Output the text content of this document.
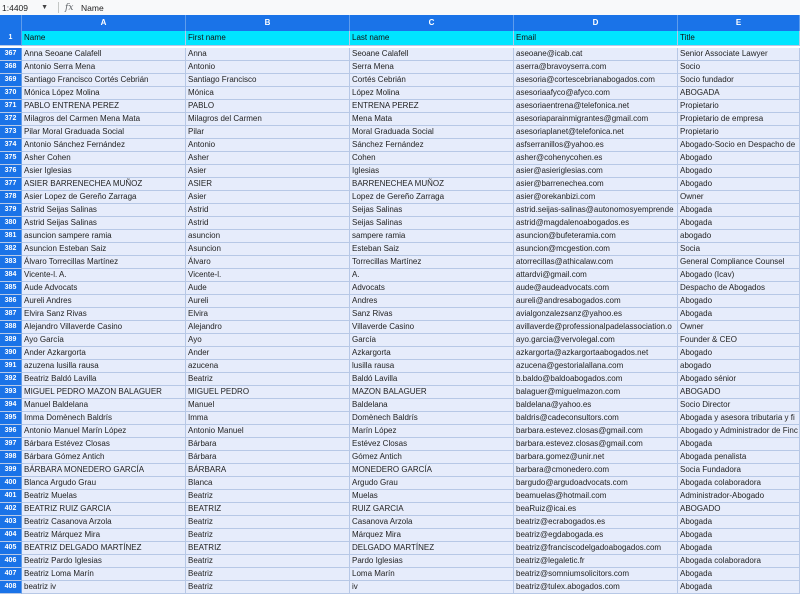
1:4409 ▼ fx Name
A	B	C	D	E
1	Name	First name	Last name	Email	Title
367 Anna Seoane Calafell	Anna	Seoane Calafell	aseoane@icab.cat	Senior Associate Lawyer
368 Antonio Serra Mena	Antonio	Serra Mena	aserra@bravoyserra.com	Socio
369 Santiago Francisco Cortés Cebrián	Santiago Francisco	Cortés Cebrián	asesoria@cortescebrianabogados.com	Socio fundador
370 Mónica López Molina	Mónica	López Molina	asesoriaafyco@afyco.com	ABOGADA
371 PABLO ENTRENA PEREZ	PABLO	ENTRENA PEREZ	asesoriaentrena@telefonica.net	Propietario
372 Milagros del Carmen Mena Mata	Milagros del Carmen	Mena Mata	asesoriaparainmigrantes@gmail.com	Propietario de empresa
373 Pilar Moral Graduada Social	Pilar	Moral Graduada Social	asesoriaplanet@telefonica.net	Propietario
374 Antonio Sánchez Fernández	Antonio	Sánchez Fernández	asfserranillos@yahoo.es	Abogado-Socio en Despacho de
375 Asher Cohen	Asher	Cohen	asher@cohenycohen.es	Abogado
376 Asier Iglesias	Asier	Iglesias	asier@asieriglesias.com	Abogado
377 ASIER BARRENECHEA MUÑOZ	ASIER	BARRENECHEA MUÑOZ	asier@barrenechea.com	Abogado
378 Asier Lopez de Gereño Zarraga	Asier	Lopez de Gereño Zarraga	asier@orekanbizi.com	Owner
379 Astrid Seijas Salinas	Astrid	Seijas Salinas	astrid.seijas-salinas@autonomosyemprende Abogada
380 Astrid Seijas Salinas	Astrid	Seijas Salinas	astrid@magdalenoabogados.es	Abogada
381 asuncion sampere ramia	asuncion	sampere ramia	asuncion@bufeteramia.com	abogado
382 Asuncion Esteban Saiz	Asuncion	Esteban Saiz	asuncion@mcgestion.com	Socia
383 Álvaro Torrecillas Martínez	Álvaro	Torrecillas Martínez	atorrecillas@athicalaw.com	General Compliance Counsel
384 Vicente-l. A.	Vicente-l.	A.	attardvi@gmail.com	Abogado (Icav)
385 Aude Advocats	Aude	Advocats	aude@audeadvocats.com	Despacho de Abogados
386 Aureli Andres	Aureli	Andres	aureli@andresabogados.com	Abogado
387 Elvira Sanz Rivas	Elvira	Sanz Rivas	avialgonzalezsanz@yahoo.es	Abogada
388 Alejandro Villaverde Casino	Alejandro	Villaverde Casino	avillaverde@professionalpadelassociation.o	Owner
389 Ayo García	Ayo	García	ayo.garcia@vervolegal.com	Founder & CEO
390 Ander Azkargorta	Ander	Azkargorta	azkargorta@azkargortaabogados.net	Abogado
391 azuzena lusilla rausa	azucena	lusilla rausa	azucena@gestorialallana.com	abogado
392 Beatriz Baldó Lavilla	Beatriz	Baldó Lavilla	b.baldo@baldoabogados.com	Abogado sénior
393 MIGUEL PEDRO MAZON BALAGUER	MIGUEL PEDRO	MAZON BALAGUER	balaguer@miguelmazon.com	ABOGADO
394 Manuel Baldelana	Manuel	Baldelana	baldelana@yahoo.es	Socio Director
395 Imma Domènech Baldrís	Imma	Domènech Baldrís	baldris@cadeconsultors.com	Abogada y asesora tributaria y fi
396 Antonio Manuel Marín López	Antonio Manuel	Marín López	barbara.estevez.closas@gmail.com	Abogado y Administrador de Finc
397 Bárbara Estévez Closas	Bárbara	Estévez Closas	barbara.estevez.closas@gmail.com	Abogada
398 Bárbara Gómez Antich	Bárbara	Gómez Antich	barbara.gomez@unir.net	Abogada penalista
399 BÁRBARA MONEDERO GARCÍA	BÁRBARA	MONEDERO GARCÍA	barbara@cmonedero.com	Socia Fundadora
400 Blanca Argudo Grau	Blanca	Argudo Grau	bargudo@argudoadvocats.com	Abogada colaboradora
401 Beatriz Muelas	Beatriz	Muelas	beamuelas@hotmail.com	Administrador-Abogado
402 BEATRIZ RUIZ GARCIA	BEATRIZ	RUIZ GARCIA	beaRuiz@icai.es	ABOGADO
403 Beatriz Casanova Arzola	Beatriz	Casanova Arzola	beatriz@ecrabogados.es	Abogada
404 Beatriz Márquez Mira	Beatriz	Márquez Mira	beatriz@egdabogada.es	Abogada
405 BEATRIZ DELGADO MARTÍNEZ	BEATRIZ	DELGADO MARTÍNEZ	beatriz@franciscodelgadoabogados.com	Abogada
406 Beatriz Pardo Iglesias	Beatriz	Pardo Iglesias	beatriz@legaletic.fr	Abogada colaboradora
407 Beatriz Loma Marín	Beatriz	Loma Marín	beatriz@somniumsolicitors.com	Abogada
408 beatriz iv	Beatriz	iv	beatriz@tulex.abogados.com	Abogada
